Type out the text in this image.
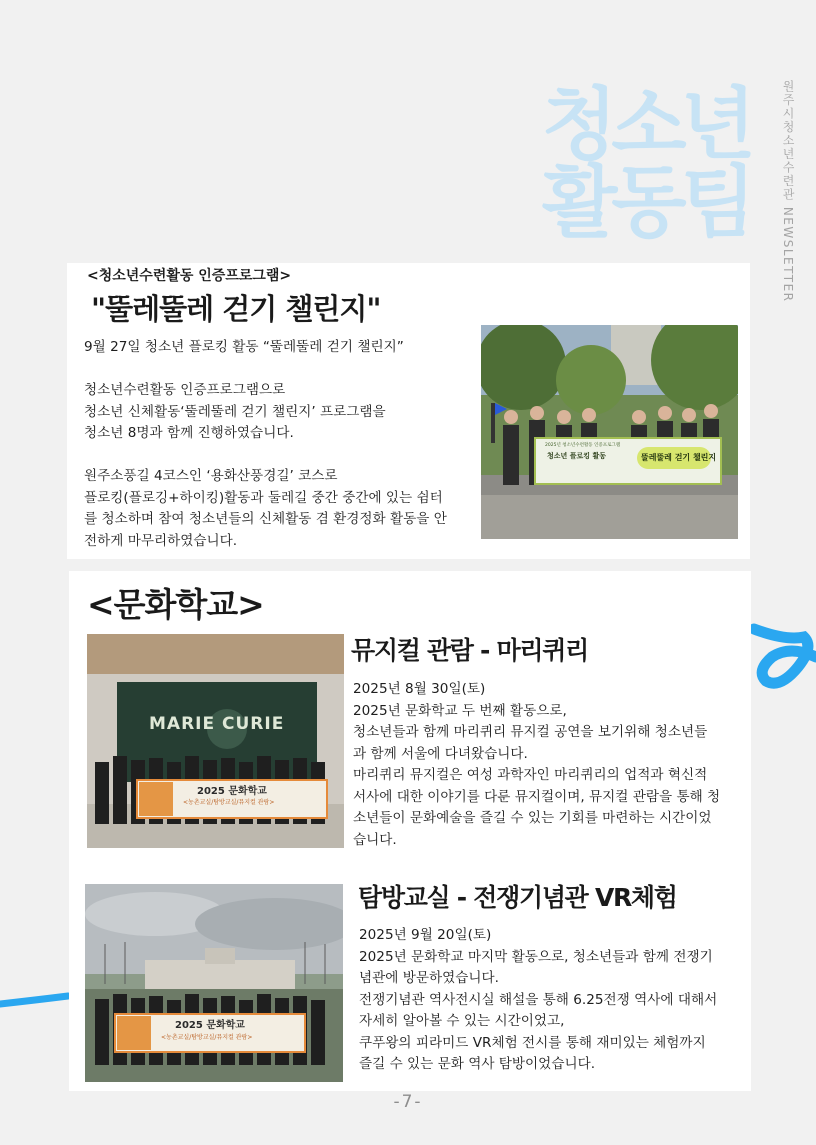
청소년
활동팀	원주시청소년수련관 NEWSLETTER
<청소년수련활동 인증프로그램>
"뚤레뚤레 걷기 챌린지"

9월 27일 청소년 플로킹 활동 “뚤레뚤레 걷기 챌린지”

청소년수련활동 인증프로그램으로

청소년 신체활동‘뚤레뚤레 걷기 챌린지’ 프로그램을

청소년 8명과 함께 진행하였습니다.

원주소풍길 4코스인 ‘용화산풍경길’ 코스로

플로킹(플로깅+하이킹)활동과 둘레길 중간 중간에 있는 쉼터

를 청소하며 참여 청소년들의 신체활동 겸 환경정화 활동을 안

전하게 마무리하였습니다.

2025년 청소년수련활동 인증프로그램
청소년 플로킹 활동	뚤레뚤레 걷기 챌린지
<문화학교>
MARIE CURIE
2025 문화학교
<농촌교실/탐방교실/뮤지컬 관람>
뮤지컬 관람 - 마리퀴리

2025년 8월 30일(토)

2025년 문화학교 두 번째 활동으로,

청소년들과 함께 마리퀴리 뮤지컬 공연을 보기위해 청소년들

과 함께 서울에 다녀왔습니다.

마리퀴리 뮤지컬은 여성 과학자인 마리퀴리의 업적과 혁신적

서사에 대한 이야기를 다룬 뮤지컬이며, 뮤지컬 관람을 통해 청

소년들이 문화예술을 즐길 수 있는 기회를 마련하는 시간이었

습니다.

2025 문화학교
<농촌교실/탐방교실/뮤지컬 관람>
탐방교실 - 전쟁기념관 VR체험

2025년 9월 20일(토)

2025년 문화학교 마지막 활동으로, 청소년들과 함께 전쟁기

념관에 방문하였습니다.

전쟁기념관 역사전시실 해설을 통해 6.25전쟁 역사에 대해서

자세히 알아볼 수 있는 시간이었고,

쿠푸왕의 피라미드 VR체험 전시를 통해 재미있는 체험까지

즐길 수 있는 문화 역사 탐방이었습니다.

-7-
